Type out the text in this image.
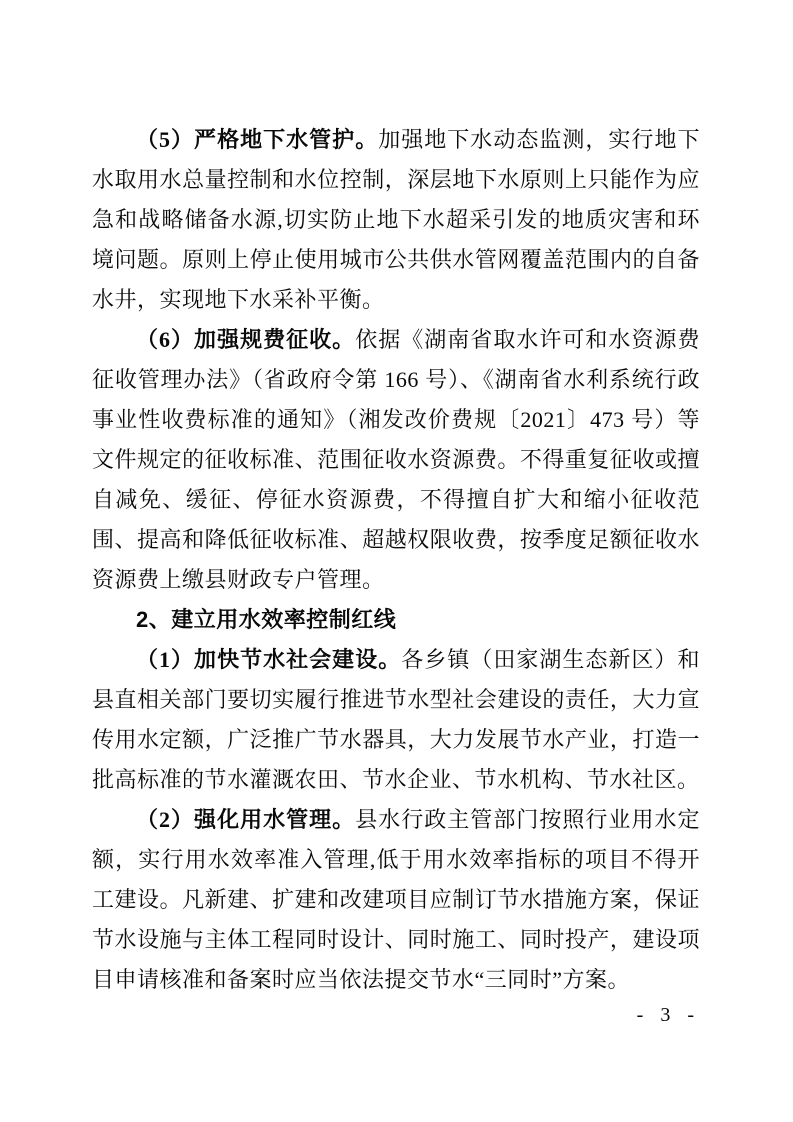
（5）严格地下水管护。加强地下水动态监测，实行地下水取用水总量控制和水位控制，深层地下水原则上只能作为应急和战略储备水源,切实防止地下水超采引发的地质灾害和环境问题。原则上停止使用城市公共供水管网覆盖范围内的自备水井，实现地下水采补平衡。

（6）加强规费征收。依据《湖南省取水许可和水资源费征收管理办法》（省政府令第 166 号）、《湖南省水利系统行政事业性收费标准的通知》（湘发改价费规〔2021〕473 号）等文件规定的征收标准、范围征收水资源费。不得重复征收或擅自减免、缓征、停征水资源费，不得擅自扩大和缩小征收范围、提高和降低征收标准、超越权限收费，按季度足额征收水资源费上缴县财政专户管理。

2、建立用水效率控制红线

（1）加快节水社会建设。各乡镇（田家湖生态新区）和县直相关部门要切实履行推进节水型社会建设的责任，大力宣传用水定额，广泛推广节水器具，大力发展节水产业，打造一批高标准的节水灌溉农田、节水企业、节水机构、节水社区。

（2）强化用水管理。县水行政主管部门按照行业用水定额，实行用水效率准入管理,低于用水效率指标的项目不得开工建设。凡新建、扩建和改建项目应制订节水措施方案，保证节水设施与主体工程同时设计、同时施工、同时投产，建设项目申请核准和备案时应当依法提交节水“三同时”方案。

- 3 -
